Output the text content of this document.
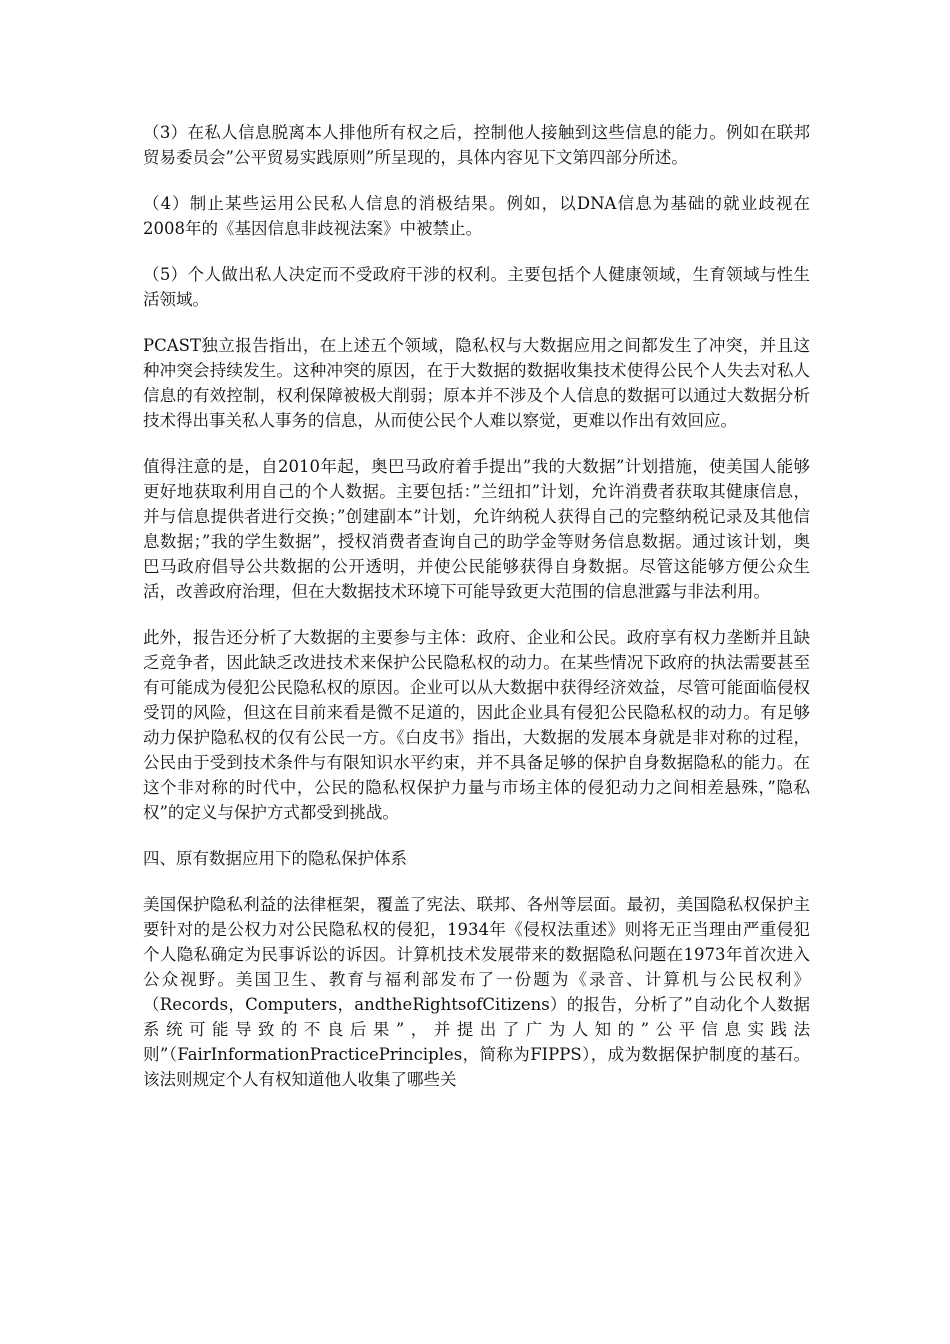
（3）在私人信息脱离本人排他所有权之后，控制他人接触到这些信息的能力。例如在联邦贸易委员会”公平贸易实践原则”所呈现的，具体内容见下文第四部分所述。

（4）制止某些运用公民私人信息的消极结果。例如，以DNA信息为基础的就业歧视在2008年的《基因信息非歧视法案》中被禁止。

（5）个人做出私人决定而不受政府干涉的权利。主要包括个人健康领域，生育领域与性生活领域。

PCAST独立报告指出，在上述五个领域，隐私权与大数据应用之间都发生了冲突，并且这种冲突会持续发生。这种冲突的原因，在于大数据的数据收集技术使得公民个人失去对私人信息的有效控制，权利保障被极大削弱；原本并不涉及个人信息的数据可以通过大数据分析技术得出事关私人事务的信息，从而使公民个人难以察觉，更难以作出有效回应。

值得注意的是，自2010年起，奥巴马政府着手提出”我的大数据”计划措施，使美国人能够更好地获取利用自己的个人数据。主要包括：”兰纽扣”计划，允许消费者获取其健康信息，并与信息提供者进行交换；”创建副本”计划，允许纳税人获得自己的完整纳税记录及其他信息数据；”我的学生数据”，授权消费者查询自己的助学金等财务信息数据。通过该计划，奥巴马政府倡导公共数据的公开透明，并使公民能够获得自身数据。尽管这能够方便公众生活，改善政府治理，但在大数据技术环境下可能导致更大范围的信息泄露与非法利用。

此外，报告还分析了大数据的主要参与主体：政府、企业和公民。政府享有权力垄断并且缺乏竞争者，因此缺乏改进技术来保护公民隐私权的动力。在某些情况下政府的执法需要甚至有可能成为侵犯公民隐私权的原因。企业可以从大数据中获得经济效益，尽管可能面临侵权受罚的风险，但这在目前来看是微不足道的，因此企业具有侵犯公民隐私权的动力。有足够动力保护隐私权的仅有公民一方。《白皮书》指出，大数据的发展本身就是非对称的过程，公民由于受到技术条件与有限知识水平约束，并不具备足够的保护自身数据隐私的能力。在这个非对称的时代中，公民的隐私权保护力量与市场主体的侵犯动力之间相差悬殊，”隐私权”的定义与保护方式都受到挑战。

四、原有数据应用下的隐私保护体系

美国保护隐私利益的法律框架，覆盖了宪法、联邦、各州等层面。最初，美国隐私权保护主要针对的是公权力对公民隐私权的侵犯，1934年《侵权法重述》则将无正当理由严重侵犯个人隐私确定为民事诉讼的诉因。计算机技术发展带来的数据隐私问题在1973年首次进入公众视野。美国卫生、教育与福利部发布了一份题为《录音、计算机与公民权利》（Records，Computers，andtheRightsofCitizens）的报告，分析了”自动化个人数据系统可能导致的不良后果”，并提出了广为人知的”公平信息实践法则”（FairInformationPracticePrinciples，简称为FIPPS），成为数据保护制度的基石。该法则规定个人有权知道他人收集了哪些关
